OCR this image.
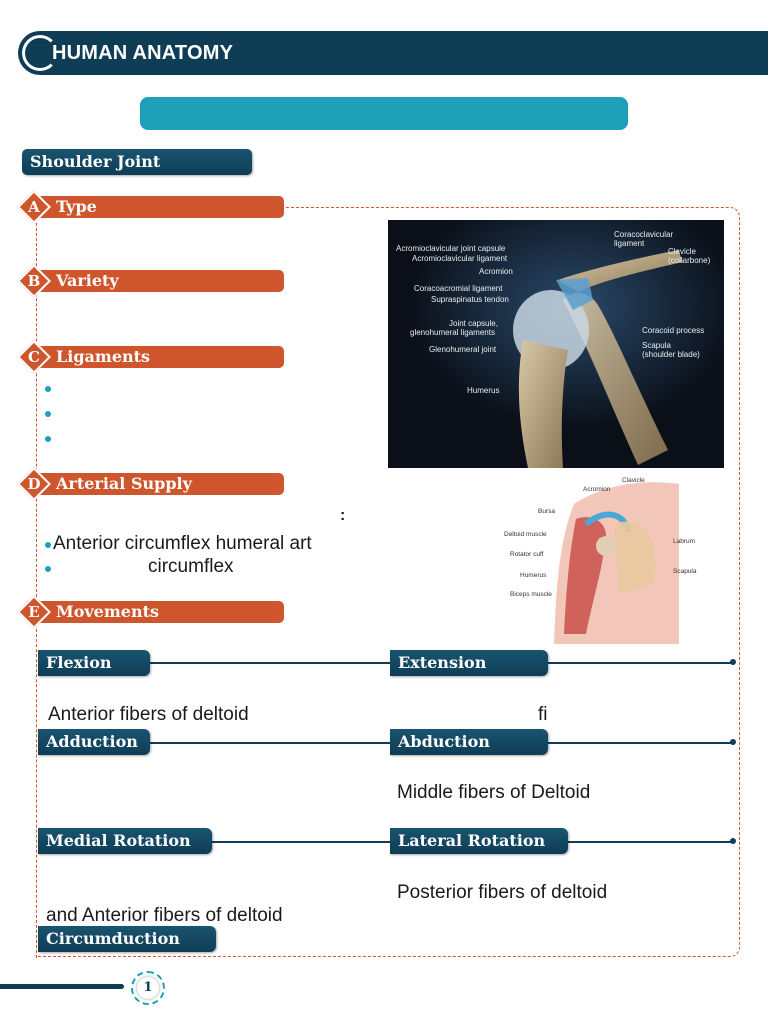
HUMAN ANATOMY
Shoulder Joint
Type
A
Variety
B
Ligaments
C
Arterial Supply
D
:
Anterior circumflex humeral art
circumflex
Movements
E
Flexion	Extension
Anterior fibers of deltoid	fi
Adduction	Abduction
Middle fibers of Deltoid
Medial Rotation	Lateral Rotation
Posterior fibers of deltoid
and Anterior fibers of deltoid
Circumduction
Acromioclavicular joint capsule
Acromioclavicular ligament
Acromion
Coracoacromial ligament
Supraspinatus tendon
Joint capsule,
glenohumeral ligaments
Glenohumeral joint
Humerus
Coracoclavicular
ligament
Clavicle
(collarbone)
Coracoid process
Scapula
(shoulder blade)
Clavicle
Acromion
Bursa
Deltoid muscle
Rotator cuff
Humerus
Biceps muscle
Labrum
Scapula
1
